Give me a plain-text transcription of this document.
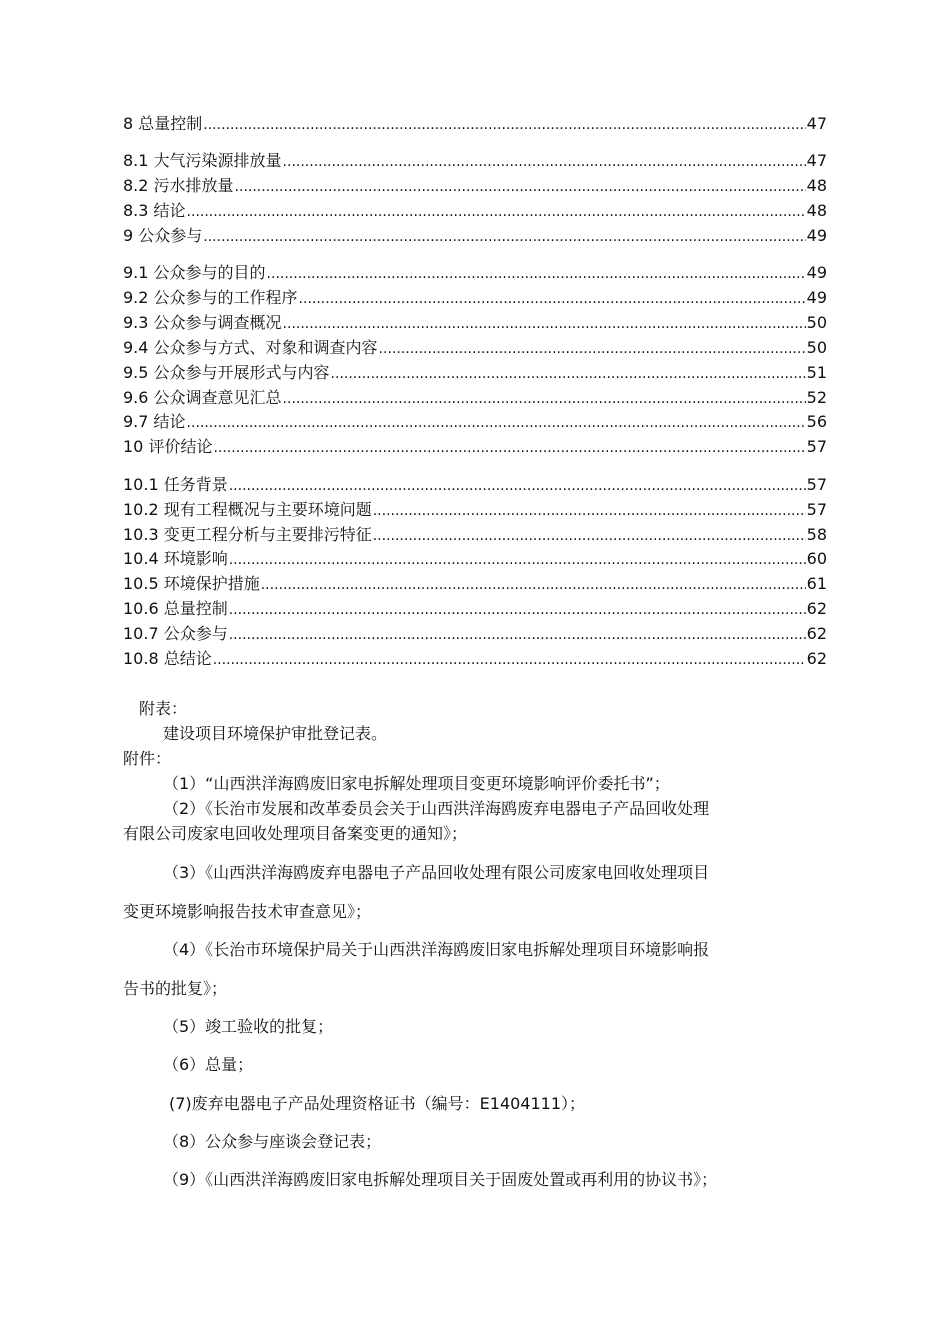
8 总量控制 .....	47
8.1 大气污染源排放量 .....	47
8.2 污水排放量 .....	48
8.3 结论 .....	48
9 公众参与 .....	49
9.1 公众参与的目的 .....	49
9.2 公众参与的工作程序 .....	49
9.3 公众参与调查概况 .....	50
9.4 公众参与方式、对象和调查内容 .....	50
9.5 公众参与开展形式与内容 .....	51
9.6 公众调查意见汇总 .....	52
9.7 结论 .....	56
10 评价结论 .....	57
10.1 任务背景 .....	57
10.2 现有工程概况与主要环境问题 .....	57
10.3 变更工程分析与主要排污特征 .....	58
10.4 环境影响 .....	60
10.5 环境保护措施 .....	61
10.6 总量控制 .....	62
10.7 公众参与 .....	62
10.8 总结论 .....	62
附表：
建设项目环境保护审批登记表。
附件：
（1）“山西洪洋海鸥废旧家电拆解处理项目变更环境影响评价委托书”；
（2）《长治市发展和改革委员会关于山西洪洋海鸥废弃电器电子产品回收处理
有限公司废家电回收处理项目备案变更的通知》；
（3）《山西洪洋海鸥废弃电器电子产品回收处理有限公司废家电回收处理项目
变更环境影响报告技术审查意见》；
（4）《长治市环境保护局关于山西洪洋海鸥废旧家电拆解处理项目环境影响报
告书的批复》；
（5）竣工验收的批复；
（6）总量；
(7)废弃电器电子产品处理资格证书（编号：E1404111）；
（8）公众参与座谈会登记表；
（9）《山西洪洋海鸥废旧家电拆解处理项目关于固废处置或再利用的协议书》；
